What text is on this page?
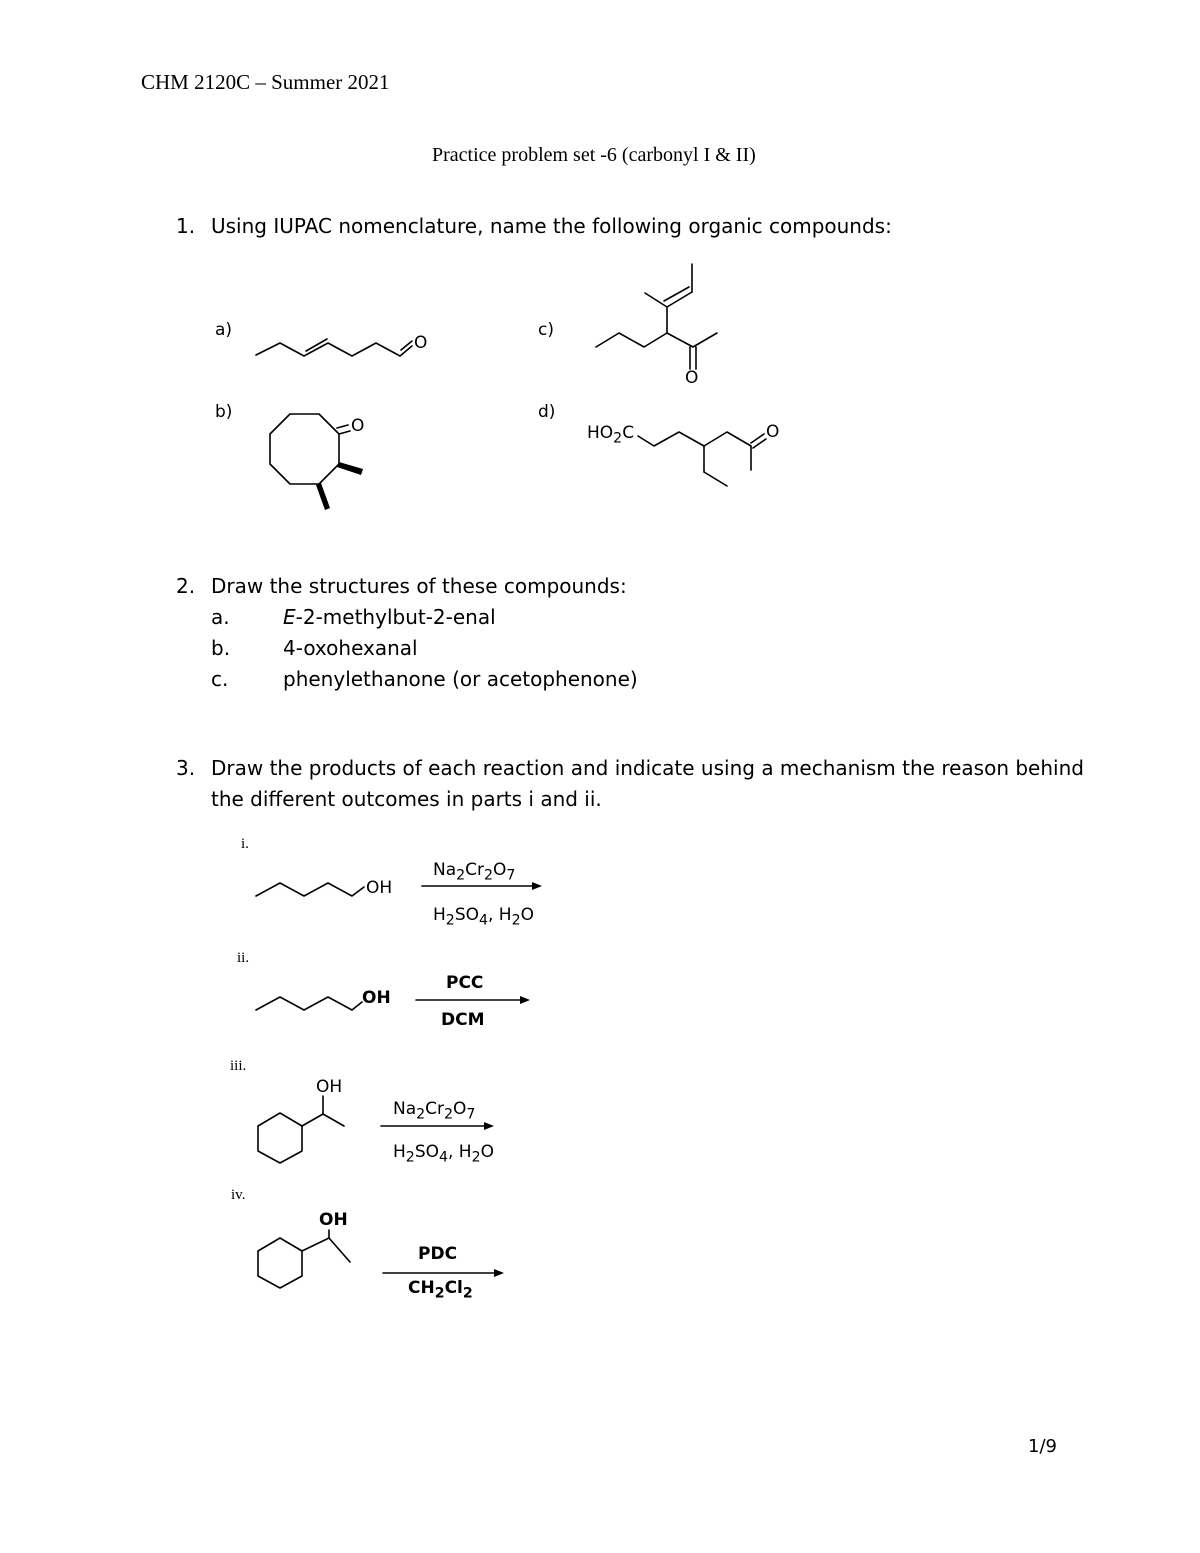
CHM 2120C – Summer 2021
Practice problem set -6 (carbonyl I & II)
1. Using IUPAC nomenclature, name the following organic compounds:
a)
b)
c)
d)
O
O
O
$HO_2C$	O
2. Draw the structures of these compounds:
a.	E-2-methylbut-2-enal
b.	4-oxohexanal
c.	phenylethanone (or acetophenone)
3. Draw the products of each reaction and indicate using a mechanism the reason behind
the different outcomes in parts i and ii.
i.
OH
$Na_2Cr_2O_7$
$H_2SO_4$, $H_2O$
ii.
OH
PCC
DCM
iii.
OH
$Na_2Cr_2O_7$
$H_2SO_4$, $H_2O$
iv.
OH
PDC
$CH_2Cl_2$
1/9
